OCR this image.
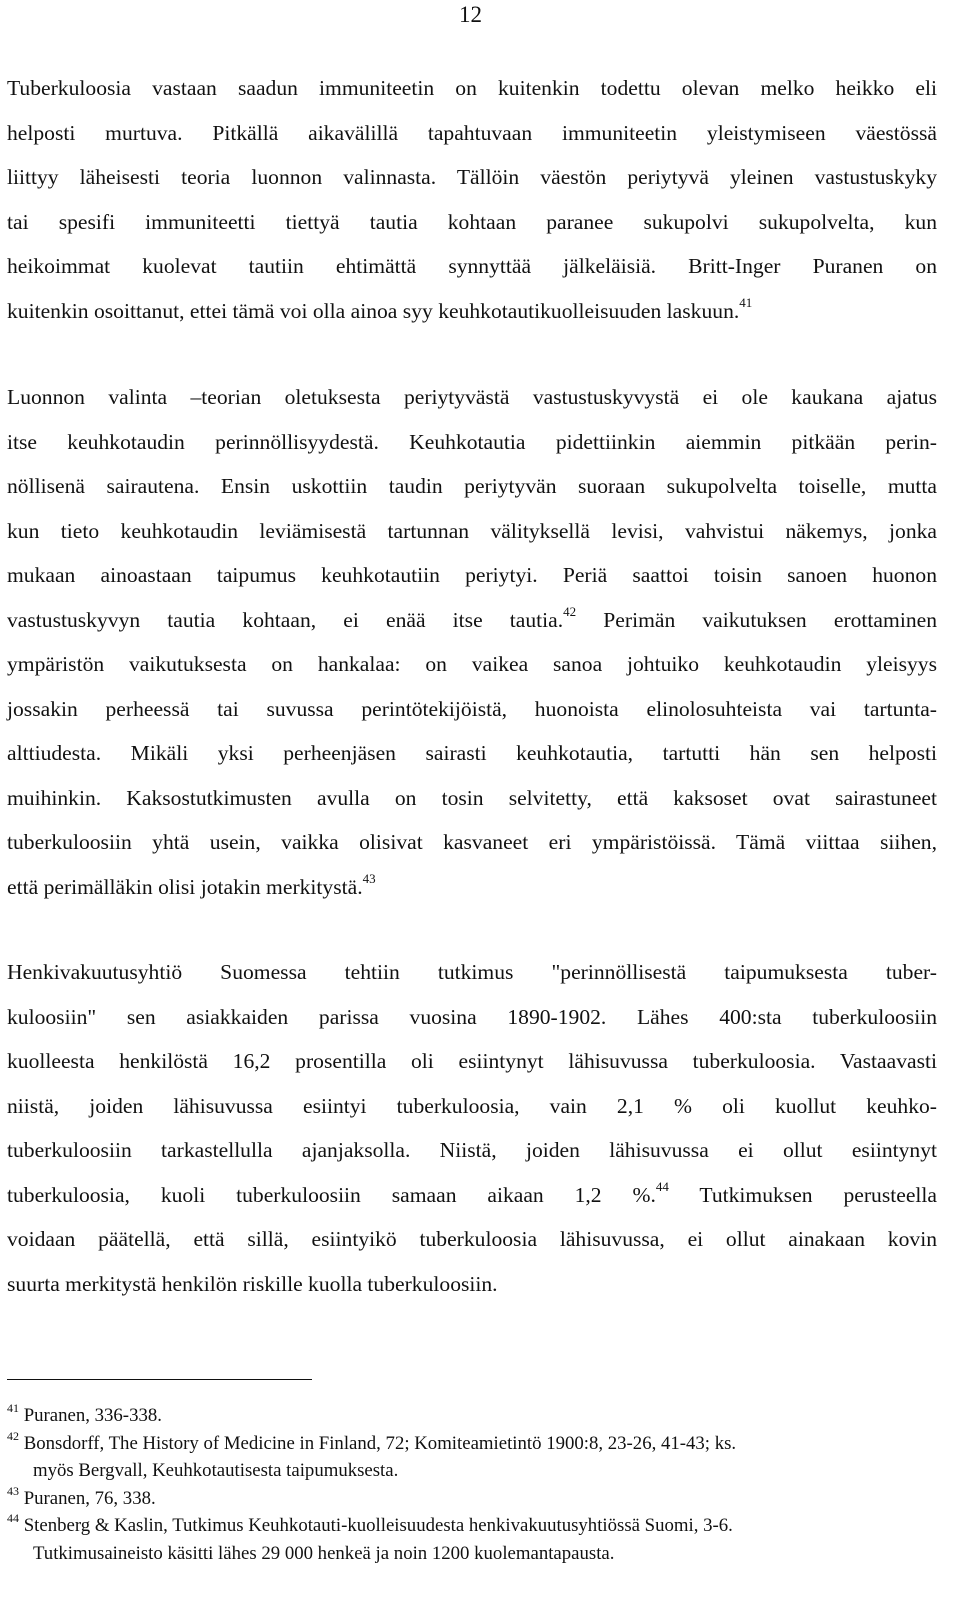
12
Tuberkuloosia vastaan saadun immuniteetin on kuitenkin todettu olevan melko heikko eli
helposti murtuva. Pitkällä aikavälillä tapahtuvaan immuniteetin yleistymiseen väestössä
liittyy läheisesti teoria luonnon valinnasta. Tällöin väestön periytyvä yleinen vastustuskyky
tai spesifi immuniteetti tiettyä tautia kohtaan paranee sukupolvi sukupolvelta, kun
heikoimmat kuolevat tautiin ehtimättä synnyttää jälkeläisiä. Britt-Inger Puranen on
kuitenkin osoittanut, ettei tämä voi olla ainoa syy keuhkotautikuolleisuuden laskuun.$^{41}$
Luonnon valinta –teorian oletuksesta periytyvästä vastustuskyvystä ei ole kaukana ajatus
itse keuhkotaudin perinnöllisyydestä. Keuhkotautia pidettiinkin aiemmin pitkään perin-
nöllisenä sairautena. Ensin uskottiin taudin periytyvän suoraan sukupolvelta toiselle, mutta
kun tieto keuhkotaudin leviämisestä tartunnan välityksellä levisi, vahvistui näkemys, jonka
mukaan ainoastaan taipumus keuhkotautiin periytyi. Periä saattoi toisin sanoen huonon
vastustuskyvyn tautia kohtaan, ei enää itse tautia.$^{42}$ Perimän vaikutuksen erottaminen
ympäristön vaikutuksesta on hankalaa: on vaikea sanoa johtuiko keuhkotaudin yleisyys
jossakin perheessä tai suvussa perintötekijöistä, huonoista elinolosuhteista vai tartunta-
alttiudesta. Mikäli yksi perheenjäsen sairasti keuhkotautia, tartutti hän sen helposti
muihinkin. Kaksostutkimusten avulla on tosin selvitetty, että kaksoset ovat sairastuneet
tuberkuloosiin yhtä usein, vaikka olisivat kasvaneet eri ympäristöissä. Tämä viittaa siihen,
että perimälläkin olisi jotakin merkitystä.$^{43}$
Henkivakuutusyhtiö Suomessa tehtiin tutkimus "perinnöllisestä taipumuksesta tuber-
kuloosiin" sen asiakkaiden parissa vuosina 1890-1902. Lähes 400:sta tuberkuloosiin
kuolleesta henkilöstä 16,2 prosentilla oli esiintynyt lähisuvussa tuberkuloosia. Vastaavasti
niistä, joiden lähisuvussa esiintyi tuberkuloosia, vain 2,1 % oli kuollut keuhko-
tuberkuloosiin tarkastellulla ajanjaksolla. Niistä, joiden lähisuvussa ei ollut esiintynyt
tuberkuloosia, kuoli tuberkuloosiin samaan aikaan 1,2 %.$^{44}$ Tutkimuksen perusteella
voidaan päätellä, että sillä, esiintyikö tuberkuloosia lähisuvussa, ei ollut ainakaan kovin
suurta merkitystä henkilön riskille kuolla tuberkuloosiin.
$^{41}$ Puranen, 336-338.
$^{42}$ Bonsdorff, The History of Medicine in Finland, 72; Komiteamietintö 1900:8, 23-26, 41-43; ks.
myös Bergvall, Keuhkotautisesta taipumuksesta.
$^{43}$ Puranen, 76, 338.
$^{44}$ Stenberg & Kaslin, Tutkimus Keuhkotauti-kuolleisuudesta henkivakuutusyhtiössä Suomi, 3-6.
Tutkimusaineisto käsitti lähes 29 000 henkeä ja noin 1200 kuolemantapausta.
